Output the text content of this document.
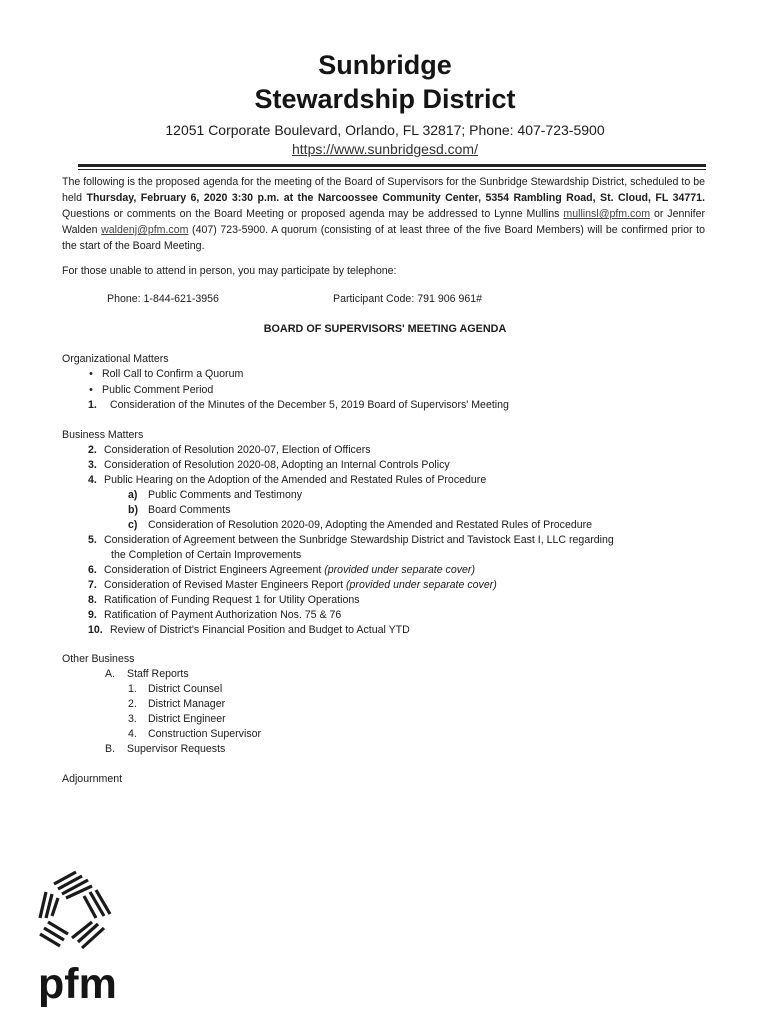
Sunbridge
Stewardship District
12051 Corporate Boulevard, Orlando, FL 32817; Phone: 407-723-5900
https://www.sunbridgesd.com/
The following is the proposed agenda for the meeting of the Board of Supervisors for the Sunbridge Stewardship District, scheduled to be held Thursday, February 6, 2020 3:30 p.m. at the Narcoossee Community Center, 5354 Rambling Road, St. Cloud, FL 34771. Questions or comments on the Board Meeting or proposed agenda may be addressed to Lynne Mullins mullinsl@pfm.com or Jennifer Walden waldenj@pfm.com (407) 723-5900. A quorum (consisting of at least three of the five Board Members) will be confirmed prior to the start of the Board Meeting.
For those unable to attend in person, you may participate by telephone:
Phone: 1-844-621-3956	Participant Code: 791 906 961#
BOARD OF SUPERVISORS' MEETING AGENDA
Organizational Matters
• Roll Call to Confirm a Quorum
• Public Comment Period
1. Consideration of the Minutes of the December 5, 2019 Board of Supervisors' Meeting
Business Matters
2. Consideration of Resolution 2020-07, Election of Officers
3. Consideration of Resolution 2020-08, Adopting an Internal Controls Policy
4. Public Hearing on the Adoption of the Amended and Restated Rules of Procedure
a) Public Comments and Testimony
b) Board Comments
c) Consideration of Resolution 2020-09, Adopting the Amended and Restated Rules of Procedure
5. Consideration of Agreement between the Sunbridge Stewardship District and Tavistock East I, LLC regarding
the Completion of Certain Improvements
6. Consideration of District Engineers Agreement (provided under separate cover)
7. Consideration of Revised Master Engineers Report (provided under separate cover)
8. Ratification of Funding Request 1 for Utility Operations
9. Ratification of Payment Authorization Nos. 75 & 76
10. Review of District's Financial Position and Budget to Actual YTD
Other Business
A. Staff Reports
1. District Counsel
2. District Manager
3. District Engineer
4. Construction Supervisor
B. Supervisor Requests
Adjournment
pfm
